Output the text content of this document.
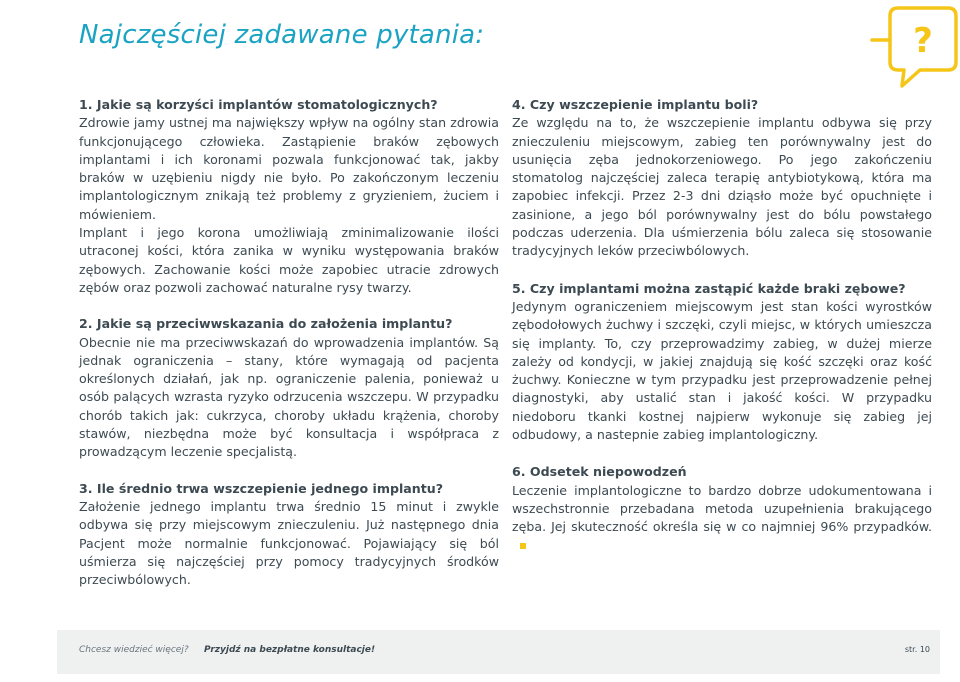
Najczęściej zadawane pytania:	?

1. Jakie są korzyści implantów stomatologicznych?

Zdrowie jamy ustnej ma największy wpływ na ogólny stan zdrowia funkcjonującego człowieka. Zastąpienie braków zębowych implantami i ich koronami pozwala funkcjonować tak, jakby braków w uzębieniu nigdy nie było. Po zakończonym leczeniu implantologicznym znikają też problemy z gryzieniem, żuciem i mówieniem.

Implant i jego korona umożliwiają zminimalizowanie ilości utraconej kości, która zanika w wyniku występowania braków zębowych. Zachowanie kości może zapobiec utracie zdrowych zębów oraz pozwoli zachować naturalne rysy twarzy.

2. Jakie są przeciwwskazania do założenia implantu?

Obecnie nie ma przeciwwskazań do wprowadzenia implantów. Są jednak ograniczenia – stany, które wymagają od pacjenta określonych działań, jak np. ograniczenie palenia, ponieważ u osób palących wzrasta ryzyko odrzucenia wszczepu. W przypadku chorób takich jak: cukrzyca, choroby układu krążenia, choroby stawów, niezbędna może być konsultacja i współpraca z prowadzącym leczenie specjalistą.

3. Ile średnio trwa wszczepienie jednego implantu?

Założenie jednego implantu trwa średnio 15 minut i zwykle odbywa się przy miejscowym znieczuleniu. Już następnego dnia Pacjent może normalnie funkcjonować. Pojawiający się ból uśmierza się najczęściej przy pomocy tradycyjnych środków przeciwbólowych.

4. Czy wszczepienie implantu boli?

Ze względu na to, że wszczepienie implantu odbywa się przy znieczuleniu miejscowym, zabieg ten porównywalny jest do usunięcia zęba jednokorzeniowego. Po jego zakończeniu stomatolog najczęściej zaleca terapię antybiotykową, która ma zapobiec infekcji. Przez 2-3 dni dziąsło może być opuchnięte i zasinione, a jego ból porównywalny jest do bólu powstałego podczas uderzenia. Dla uśmierzenia bólu zaleca się stosowanie tradycyjnych leków przeciwbólowych.

5. Czy implantami można zastąpić każde braki zębowe?

Jedynym ograniczeniem miejscowym jest stan kości wyrostków zębodołowych żuchwy i szczęki, czyli miejsc, w których umieszcza się implanty. To, czy przeprowadzimy zabieg, w dużej mierze zależy od kondycji, w jakiej znajdują się kość szczęki oraz kość żuchwy. Konieczne w tym przypadku jest przeprowadzenie pełnej diagnostyki, aby ustalić stan i jakość kości. W przypadku niedoboru tkanki kostnej najpierw wykonuje się zabieg jej odbudowy, a nastepnie zabieg implantologiczny.

6. Odsetek niepowodzeń

Leczenie implantologiczne to bardzo dobrze udokumentowana i wszechstronnie przebadana metoda uzupełnienia brakującego zęba. Jej skuteczność określa się w co najmniej 96% przypadków.

Chcesz wiedzieć więcej? Przyjdź na bezpłatne konsultacje!	str. 10
